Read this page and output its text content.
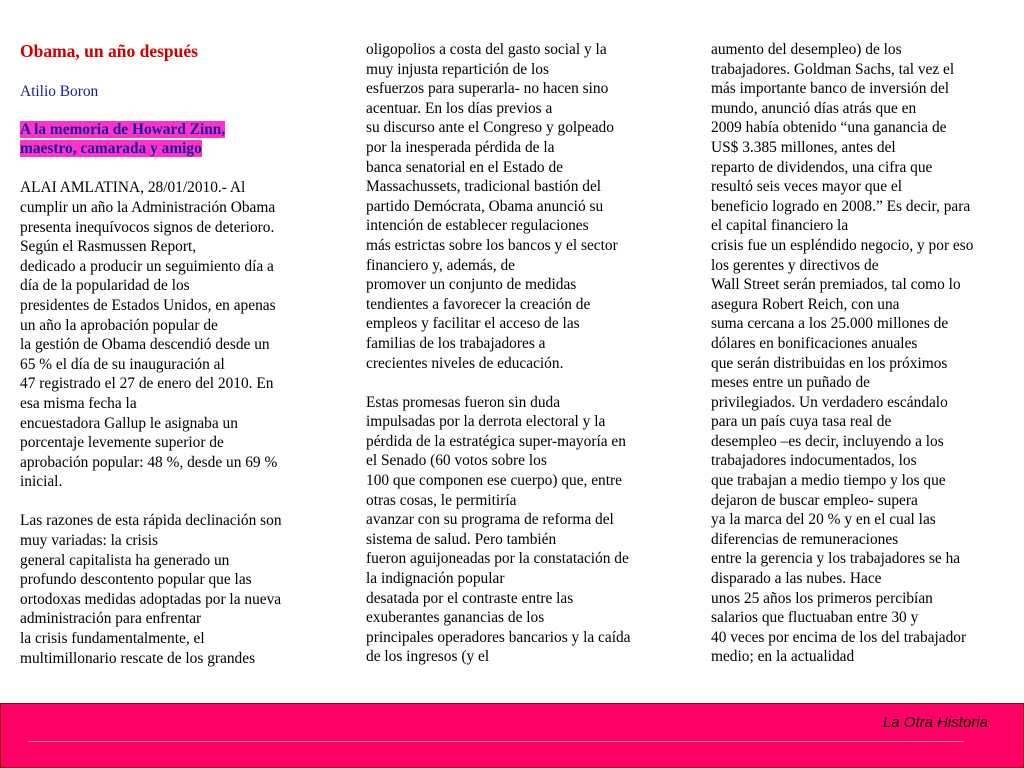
Obama, un año después
Atilio Boron
A la memoria de Howard Zinn,
maestro, camarada y amigo

ALAI AMLATINA, 28/01/2010.- Al
cumplir un año la Administración Obama
presenta inequívocos signos de deterioro.
Según el Rasmussen Report,
dedicado a producir un seguimiento día a
día de la popularidad de los
presidentes de Estados Unidos, en apenas
un año la aprobación popular de
la gestión de Obama descendió desde un
65 % el día de su inauguración al
47 registrado el 27 de enero del 2010. En
esa misma fecha la
encuestadora Gallup le asignaba un
porcentaje levemente superior de
aprobación popular: 48 %, desde un 69 %
inicial.

Las razones de esta rápida declinación son
muy variadas: la crisis
general capitalista ha generado un
profundo descontento popular que las
ortodoxas medidas adoptadas por la nueva
administración para enfrentar
la crisis fundamentalmente, el
multimillonario rescate de los grandes

oligopolios a costa del gasto social y la
muy injusta repartición de los
esfuerzos para superarla- no hacen sino
acentuar. En los días previos a
su discurso ante el Congreso y golpeado
por la inesperada pérdida de la
banca senatorial en el Estado de
Massachussets, tradicional bastión del
partido Demócrata, Obama anunció su
intención de establecer regulaciones
más estrictas sobre los bancos y el sector
financiero y, además, de
promover un conjunto de medidas
tendientes a favorecer la creación de
empleos y facilitar el acceso de las
familias de los trabajadores a
crecientes niveles de educación.

Estas promesas fueron sin duda
impulsadas por la derrota electoral y la
pérdida de la estratégica super-mayoría en
el Senado (60 votos sobre los
100 que componen ese cuerpo) que, entre
otras cosas, le permitiría
avanzar con su programa de reforma del
sistema de salud. Pero también
fueron aguijoneadas por la constatación de
la indignación popular
desatada por el contraste entre las
exuberantes ganancias de los
principales operadores bancarios y la caída
de los ingresos (y el

aumento del desempleo) de los
trabajadores. Goldman Sachs, tal vez el
más importante banco de inversión del
mundo, anunció días atrás que en
2009 había obtenido “una ganancia de
US$ 3.385 millones, antes del
reparto de dividendos, una cifra que
resultó seis veces mayor que el
beneficio logrado en 2008.” Es decir, para
el capital financiero la
crisis fue un espléndido negocio, y por eso
los gerentes y directivos de
Wall Street serán premiados, tal como lo
asegura Robert Reich, con una
suma cercana a los 25.000 millones de
dólares en bonificaciones anuales
que serán distribuidas en los próximos
meses entre un puñado de
privilegiados. Un verdadero escándalo
para un país cuya tasa real de
desempleo –es decir, incluyendo a los
trabajadores indocumentados, los
que trabajan a medio tiempo y los que
dejaron de buscar empleo- supera
ya la marca del 20 % y en el cual las
diferencias de remuneraciones
entre la gerencia y los trabajadores se ha
disparado a las nubes. Hace
unos 25 años los primeros percibían
salarios que fluctuaban entre 30 y
40 veces por encima de los del trabajador
medio; en la actualidad

La Otra Historia
